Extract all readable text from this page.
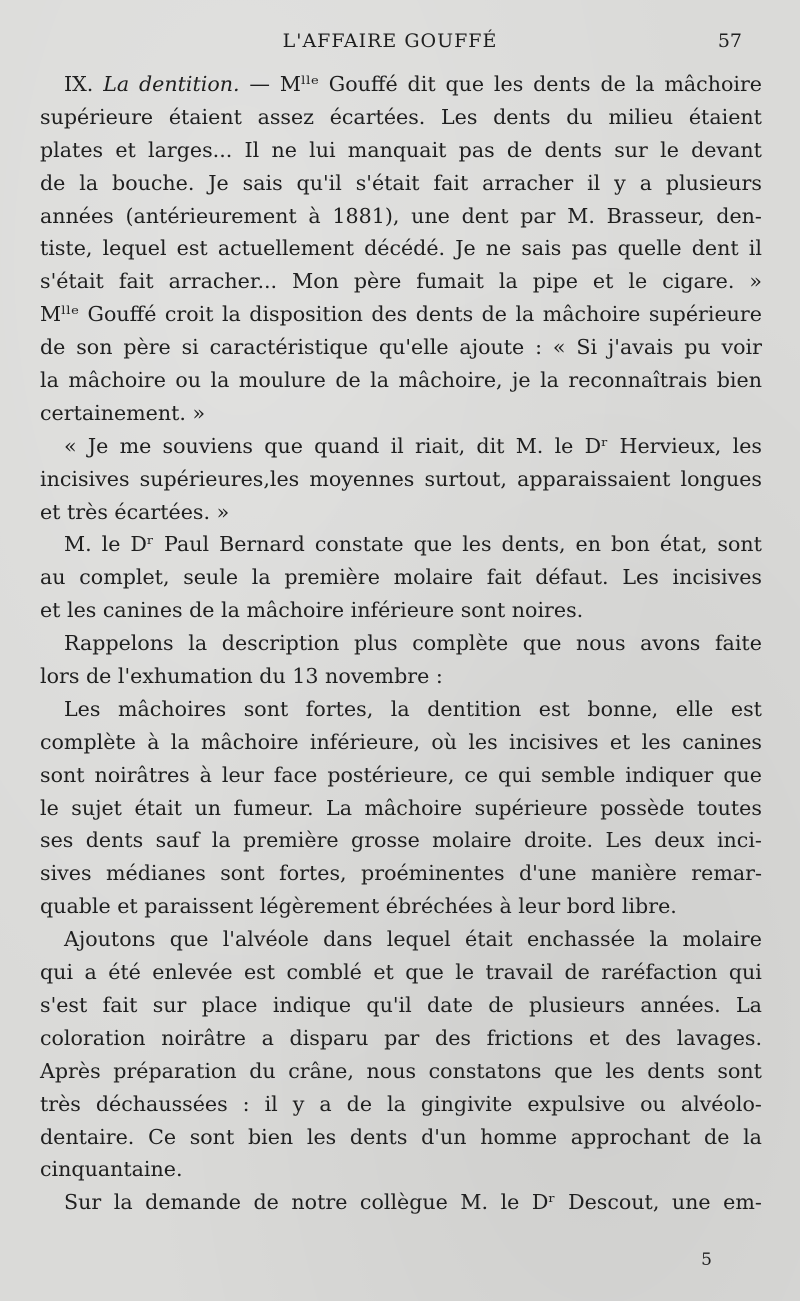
L'AFFAIRE GOUFFÉ	57
IX. La dentition. — Mˡˡᵉ Gouffé dit que les dents de la mâchoire
supérieure étaient assez écartées. Les dents du milieu étaient
plates et larges... Il ne lui manquait pas de dents sur le devant
de la bouche. Je sais qu'il s'était fait arracher il y a plusieurs
années (antérieurement à 1881), une dent par M. Brasseur, den-
tiste, lequel est actuellement décédé. Je ne sais pas quelle dent il
s'était fait arracher... Mon père fumait la pipe et le cigare. »
Mˡˡᵉ Gouffé croit la disposition des dents de la mâchoire supérieure
de son père si caractéristique qu'elle ajoute : « Si j'avais pu voir
la mâchoire ou la moulure de la mâchoire, je la reconnaîtrais bien
certainement. »
« Je me souviens que quand il riait, dit M. le Dʳ Hervieux, les
incisives supérieures,les moyennes surtout, apparaissaient longues
et très écartées. »
M. le Dʳ Paul Bernard constate que les dents, en bon état, sont
au complet, seule la première molaire fait défaut. Les incisives
et les canines de la mâchoire inférieure sont noires.
Rappelons la description plus complète que nous avons faite
lors de l'exhumation du 13 novembre :
Les mâchoires sont fortes, la dentition est bonne, elle est
complète à la mâchoire inférieure, où les incisives et les canines
sont noirâtres à leur face postérieure, ce qui semble indiquer que
le sujet était un fumeur. La mâchoire supérieure possède toutes
ses dents sauf la première grosse molaire droite. Les deux inci-
sives médianes sont fortes, proéminentes d'une manière remar-
quable et paraissent légèrement ébréchées à leur bord libre.
Ajoutons que l'alvéole dans lequel était enchassée la molaire
qui a été enlevée est comblé et que le travail de raréfaction qui
s'est fait sur place indique qu'il date de plusieurs années. La
coloration noirâtre a disparu par des frictions et des lavages.
Après préparation du crâne, nous constatons que les dents sont
très déchaussées : il y a de la gingivite expulsive ou alvéolo-
dentaire. Ce sont bien les dents d'un homme approchant de la
cinquantaine.
Sur la demande de notre collègue M. le Dʳ Descout, une em-
5
